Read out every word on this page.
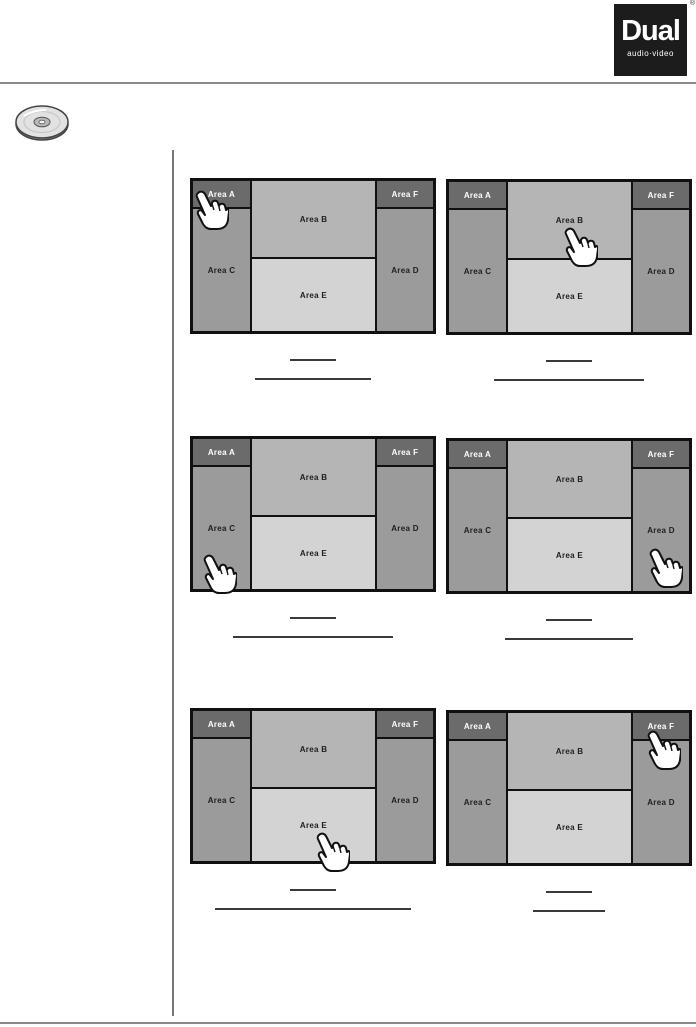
Dual
audio·video
®
Area A
Area C
Area B
Area E
Area F
Area D
Area A
Area C
Area B
Area E
Area F
Area D
Area A
Area C
Area B
Area E
Area F
Area D
Area A
Area C
Area B
Area E
Area F
Area D
Area A
Area C
Area B
Area E
Area F
Area D
Area A
Area C
Area B
Area E
Area F
Area D
